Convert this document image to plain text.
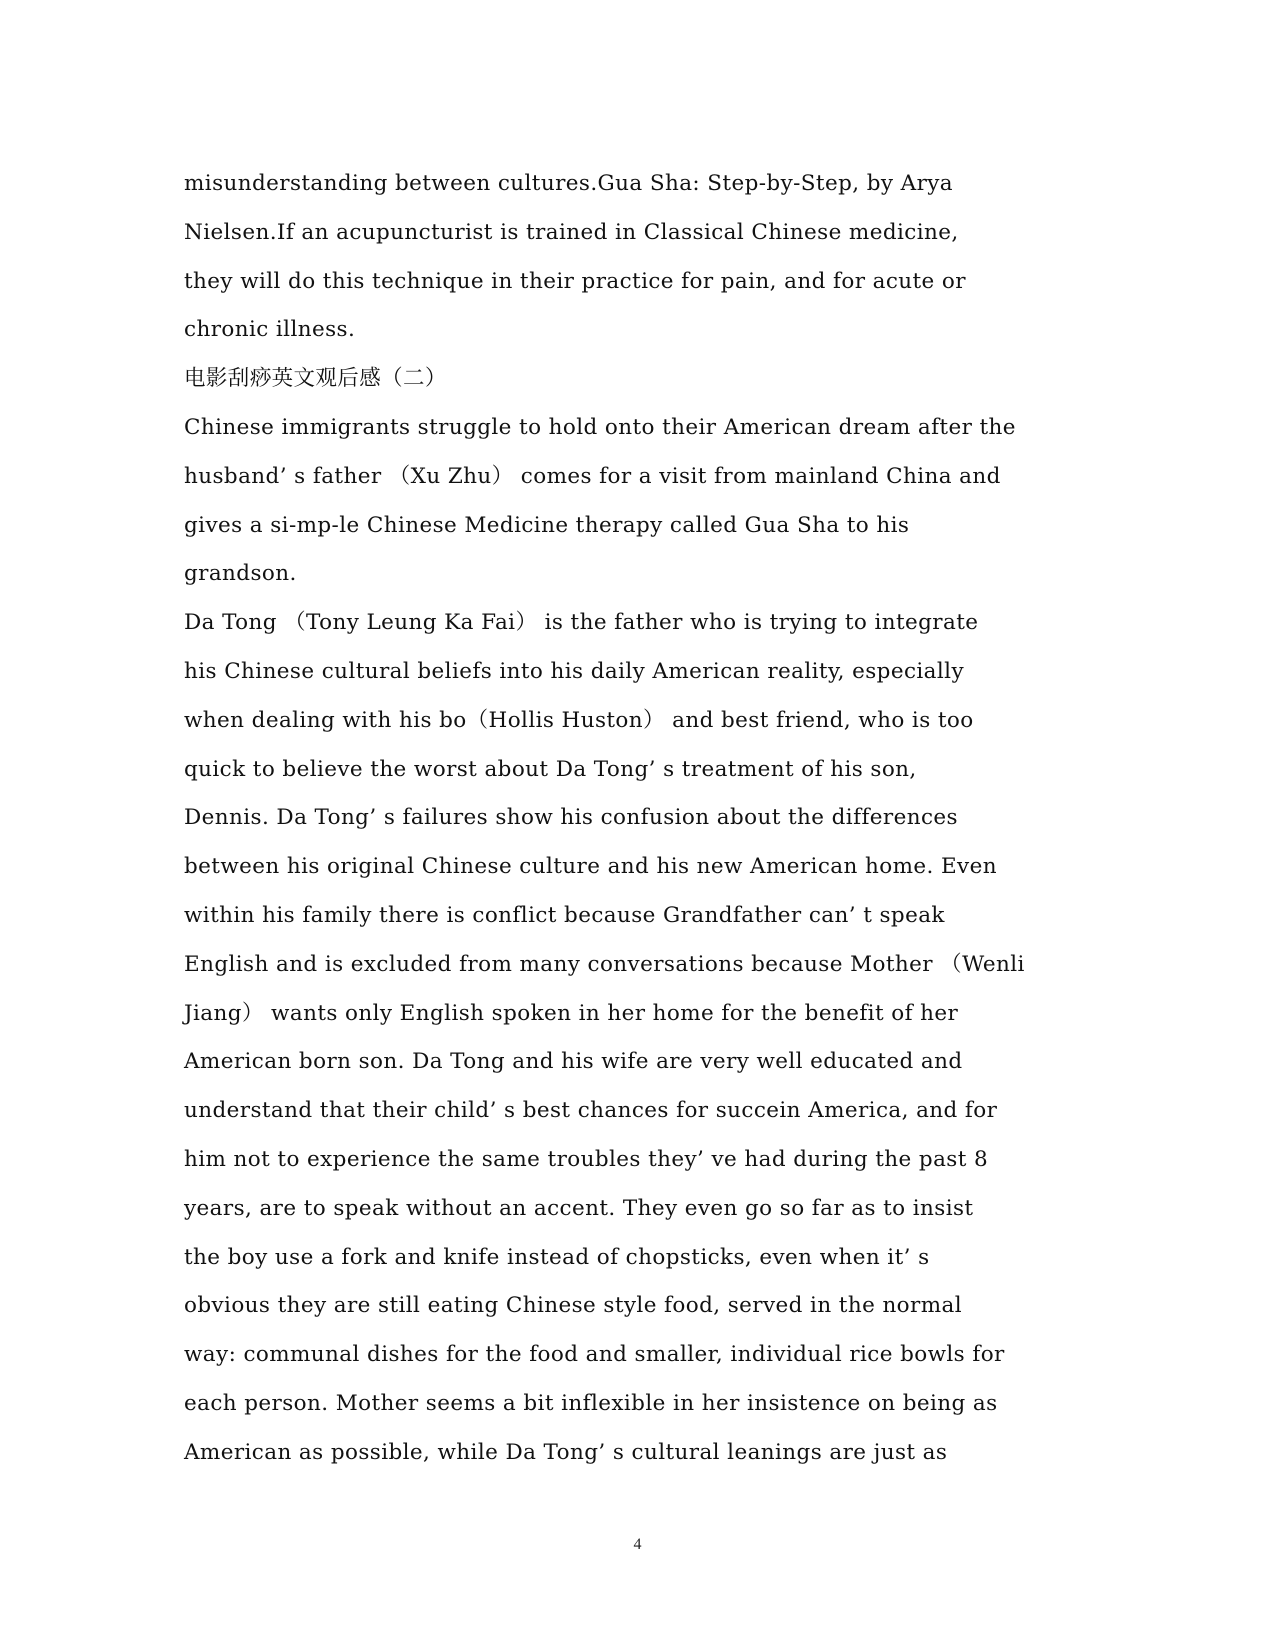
misunderstanding between cultures.Gua Sha: Step-by-Step, by Arya
Nielsen.If an acupuncturist is trained in Classical Chinese medicine,
they will do this technique in their practice for pain, and for acute or
chronic illness.
电影刮痧英文观后感（二）
Chinese immigrants struggle to hold onto their American dream after the
husband’ s father （Xu Zhu） comes for a visit from mainland China and
gives a si-mp-le Chinese Medicine therapy called Gua Sha to his
grandson.
Da Tong （Tony Leung Ka Fai） is the father who is trying to integrate
his Chinese cultural beliefs into his daily American reality, especially
when dealing with his bo（Hollis Huston） and best friend, who is too
quick to believe the worst about Da Tong’ s treatment of his son,
Dennis. Da Tong’ s failures show his confusion about the differences
between his original Chinese culture and his new American home. Even
within his family there is conflict because Grandfather can’ t speak
English and is excluded from many conversations because Mother （Wenli
Jiang） wants only English spoken in her home for the benefit of her
American born son. Da Tong and his wife are very well educated and
understand that their child’ s best chances for succein America, and for
him not to experience the same troubles they’ ve had during the past 8
years, are to speak without an accent. They even go so far as to insist
the boy use a fork and knife instead of chopsticks, even when it’ s
obvious they are still eating Chinese style food, served in the normal
way: communal dishes for the food and smaller, individual rice bowls for
each person. Mother seems a bit inflexible in her insistence on being as
American as possible, while Da Tong’ s cultural leanings are just as
4
